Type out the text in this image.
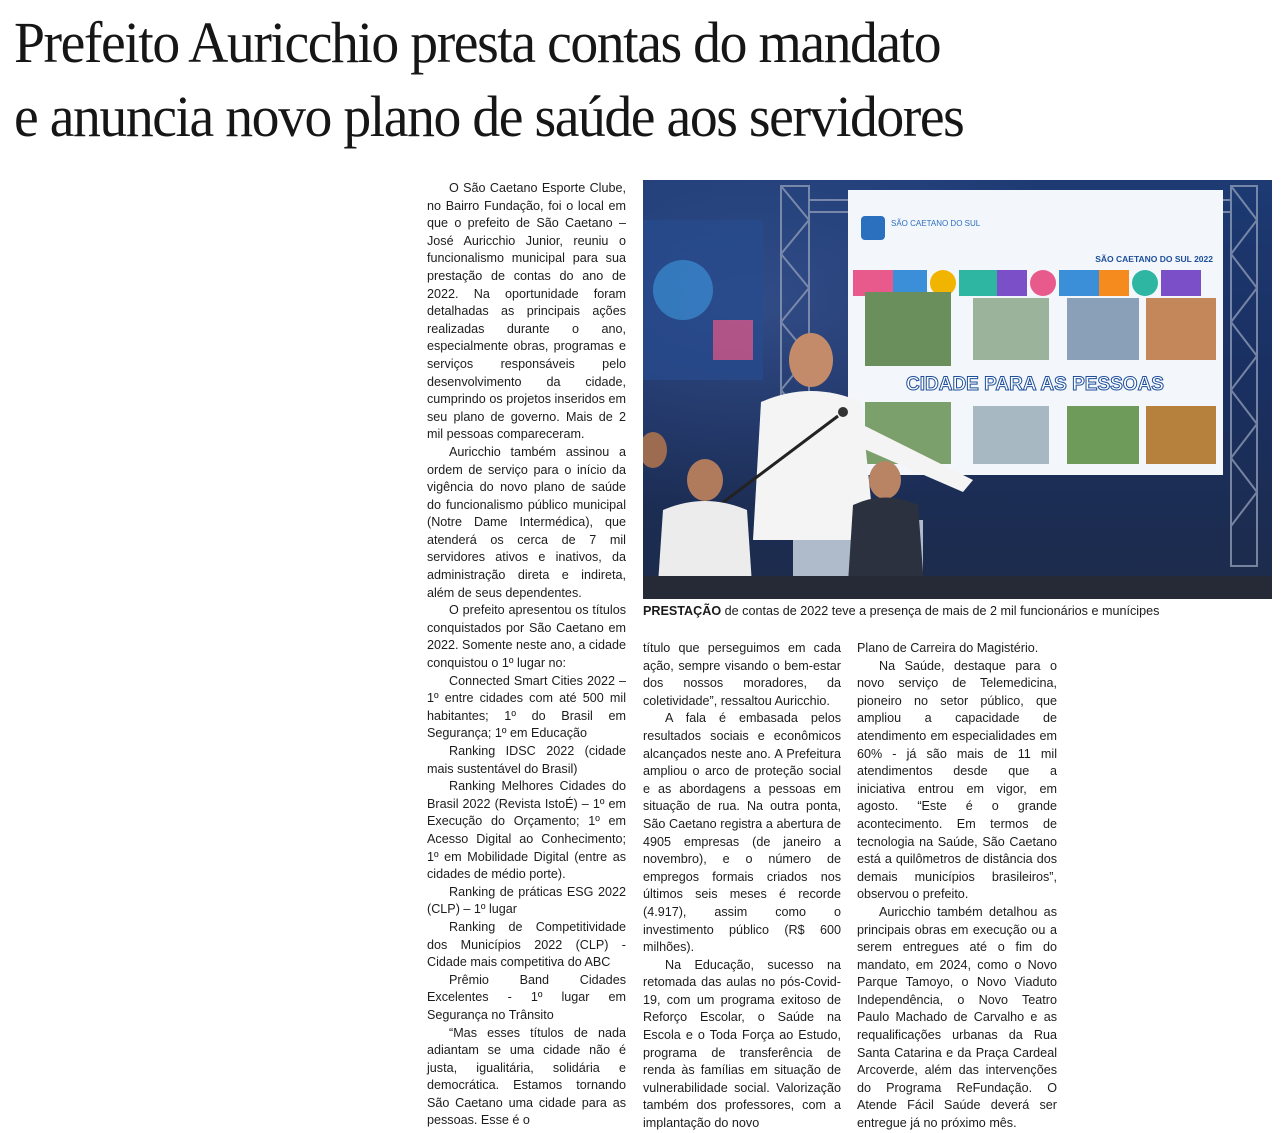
Prefeito Auricchio presta contas do mandato
e anuncia novo plano de saúde aos servidores

O São Caetano Esporte Clube, no Bairro Fundação, foi o local em que o prefeito de São Caetano – José Auricchio Junior, reuniu o funcionalismo municipal para sua prestação de contas do ano de 2022. Na oportunidade foram detalhadas as principais ações realizadas durante o ano, especialmente obras, programas e serviços responsáveis pelo desenvolvimento da cidade, cumprindo os projetos inseridos em seu plano de governo. Mais de 2 mil pessoas compareceram.

Auricchio também assinou a ordem de serviço para o início da vigência do novo plano de saúde do funcionalismo público municipal (Notre Dame Intermédica), que atenderá os cerca de 7 mil servidores ativos e inativos, da administração direta e indireta, além de seus dependentes.

O prefeito apresentou os títulos conquistados por São Caetano em 2022. Somente neste ano, a cidade conquistou o 1º lugar no:

Connected Smart Cities 2022 – 1º entre cidades com até 500 mil habitantes; 1º do Brasil em Segurança; 1º em Educação

Ranking IDSC 2022 (cidade mais sustentável do Brasil)

Ranking Melhores Cidades do Brasil 2022 (Revista IstoÉ) – 1º em Execução do Orçamento; 1º em Acesso Digital ao Conhecimento; 1º em Mobilidade Digital (entre as cidades de médio porte).

Ranking de práticas ESG 2022 (CLP) – 1º lugar

Ranking de Competitividade dos Municípios 2022 (CLP) -Cidade mais competitiva do ABC

Prêmio Band Cidades Excelentes - 1º lugar em Segurança no Trânsito

“Mas esses títulos de nada adiantam se uma cidade não é justa, igualitária, solidária e democrática. Estamos tornando São Caetano uma cidade para as pessoas. Esse é o

SÃO CAETANO DO SUL
SÃO CAETANO DO SUL 2022
CIDADE PARA AS PESSOAS
PRESTAÇÃO de contas de 2022 teve a presença de mais de 2 mil funcionários e munícipes

título que perseguimos em cada ação, sempre visando o bem-estar dos nossos moradores, da coletividade”, ressaltou Auricchio.

A fala é embasada pelos resultados sociais e econômicos alcançados neste ano. A Prefeitura ampliou o arco de proteção social e as abordagens a pessoas em situação de rua. Na outra ponta, São Caetano registra a abertura de 4905 empresas (de janeiro a novembro), e o número de empregos formais criados nos últimos seis meses é recorde (4.917), assim como o investimento público (R$ 600 milhões).

Na Educação, sucesso na retomada das aulas no pós-Covid-19, com um programa exitoso de Reforço Escolar, o Saúde na Escola e o Toda Força ao Estudo, programa de transferência de renda às famílias em situação de vulnerabilidade social. Valorização também dos professores, com a implantação do novo

Plano de Carreira do Magistério.

Na Saúde, destaque para o novo serviço de Telemedicina, pioneiro no setor público, que ampliou a capacidade de atendimento em especialidades em 60% - já são mais de 11 mil atendimentos desde que a iniciativa entrou em vigor, em agosto. “Este é o grande acontecimento. Em termos de tecnologia na Saúde, São Caetano está a quilômetros de distância dos demais municípios brasileiros”, observou o prefeito.

Auricchio também detalhou as principais obras em execução ou a serem entregues até o fim do mandato, em 2024, como o Novo Parque Tamoyo, o Novo Viaduto Independência, o Novo Teatro Paulo Machado de Carvalho e as requalificações urbanas da Rua Santa Catarina e da Praça Cardeal Arcoverde, além das intervenções do Programa ReFundação. O Atende Fácil Saúde deverá ser entregue já no próximo mês.
